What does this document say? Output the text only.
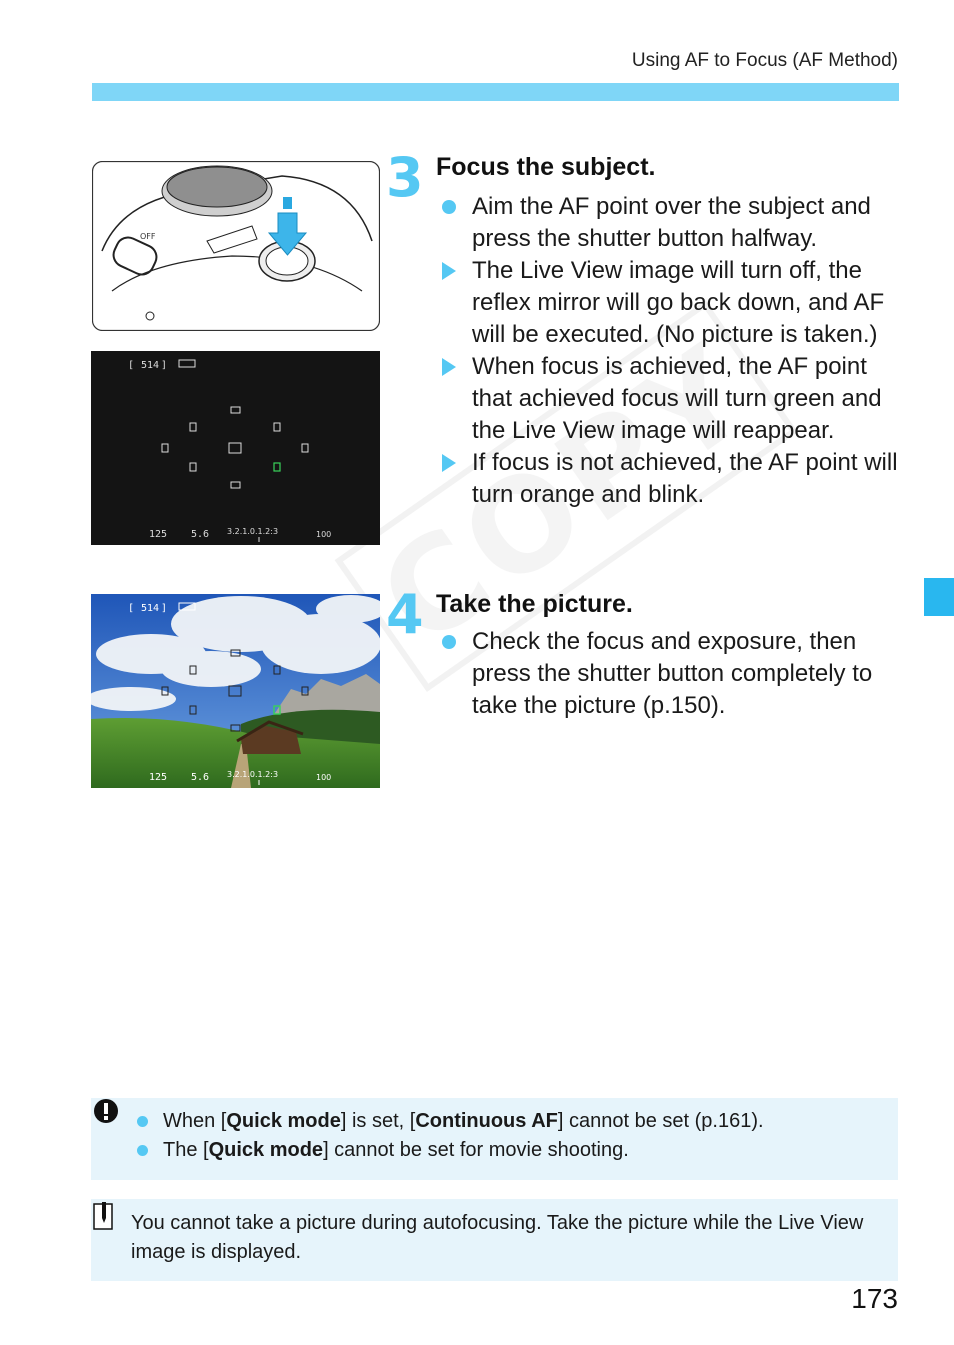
Using AF to Focus (AF Method)
OFF
[ 514 ]
125 5.6 3.2.1.0.1.2:3	100
[ 514 ]
125 5.6 3.2.1.0.1.2:3	100
3 Focus the subject.
Aim the AF point over the subject and press the shutter button halfway.
The Live View image will turn off, the reflex mirror will go back down, and AF will be executed. (No picture is taken.)
When focus is achieved, the AF point that achieved focus will turn green and the Live View image will reappear.
If focus is not achieved, the AF point will turn orange and blink.
4 Take the picture.
Check the focus and exposure, then press the shutter button completely to take the picture (p.150).
When [Quick mode] is set, [Continuous AF] cannot be set (p.161).
The [Quick mode] cannot be set for movie shooting.
You cannot take a picture during autofocusing. Take the picture while the Live View image is displayed.
173
